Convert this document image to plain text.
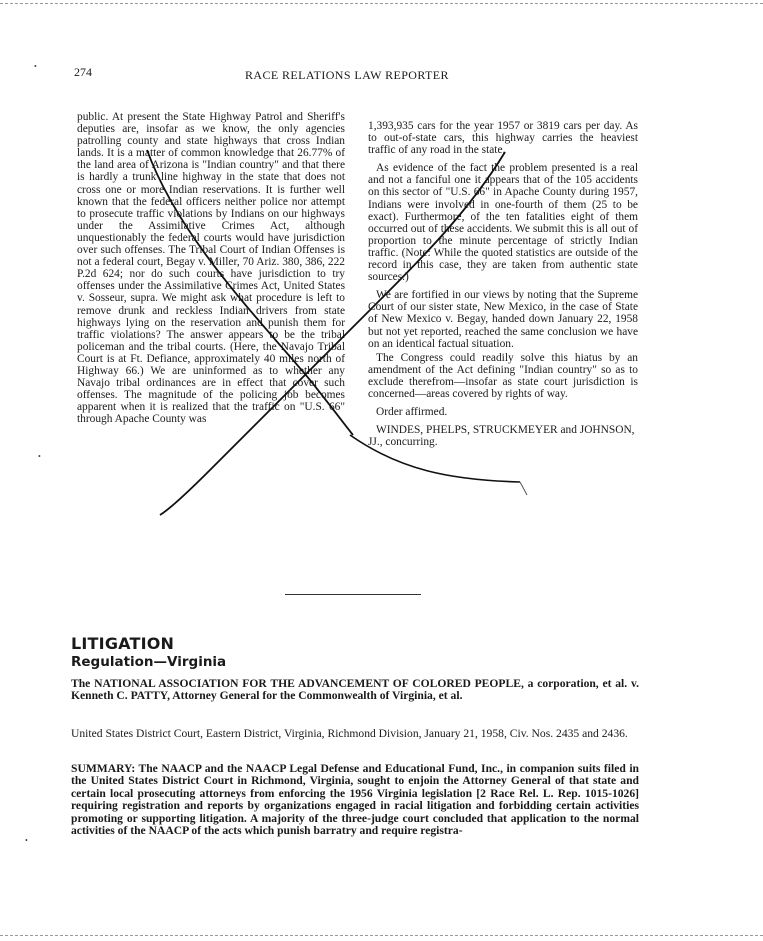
274	RACE RELATIONS LAW REPORTER

public. At present the State Highway Patrol and Sheriff's deputies are, insofar as we know, the only agencies patrolling county and state highways that cross Indian lands. It is a matter of common knowledge that 26.77% of the land area of Arizona is "Indian country" and that there is hardly a trunk line highway in the state that does not cross one or more Indian reservations. It is further well known that the federal officers neither police nor attempt to prosecute traffic violations by Indians on our highways under the Assimilative Crimes Act, although unquestionably the federal courts would have jurisdiction over such offenses. The Tribal Court of Indian Offenses is not a federal court, Begay v. Miller, 70 Ariz. 380, 386, 222 P.2d 624; nor do such courts have jurisdiction to try offenses under the Assimilative Crimes Act, United States v. Sosseur, supra. We might ask what procedure is left to remove drunk and reckless Indian drivers from state highways lying on the reservation and punish them for traffic violations? The answer appears to be the tribal policeman and the tribal courts. (Here, the Navajo Tribal Court is at Ft. Defiance, approximately 40 miles north of Highway 66.) We are uninformed as to whether any Navajo tribal ordinances are in effect that cover such offenses. The magnitude of the policing job becomes apparent when it is realized that the traffic on "U.S. 66" through Apache County was

1,393,935 cars for the year 1957 or 3819 cars per day. As to out-of-state cars, this highway carries the heaviest traffic of any road in the state.

As evidence of the fact the problem presented is a real and not a fanciful one it appears that of the 105 accidents on this sector of "U.S. 66" in Apache County during 1957, Indians were involved in one-fourth of them (25 to be exact). Furthermore, of the ten fatalities eight of them occurred out of these accidents. We submit this is all out of proportion to the minute percentage of strictly Indian traffic. (Note: While the quoted statistics are outside of the record in this case, they are taken from authentic state sources.)

We are fortified in our views by noting that the Supreme Court of our sister state, New Mexico, in the case of State of New Mexico v. Begay, handed down January 22, 1958 but not yet reported, reached the same conclusion we have on an identical factual situation.

The Congress could readily solve this hiatus by an amendment of the Act defining "Indian country" so as to exclude therefrom—insofar as state court jurisdiction is concerned—areas covered by rights of way.

Order affirmed.

WINDES, PHELPS, STRUCKMEYER and JOHNSON, JJ., concurring.

LITIGATION
Regulation—Virginia
The NATIONAL ASSOCIATION FOR THE ADVANCEMENT OF COLORED PEOPLE, a corporation, et al. v. Kenneth C. PATTY, Attorney General for the Commonwealth of Virginia, et al.
United States District Court, Eastern District, Virginia, Richmond Division, January 21, 1958, Civ. Nos. 2435 and 2436.
SUMMARY: The NAACP and the NAACP Legal Defense and Educational Fund, Inc., in companion suits filed in the United States District Court in Richmond, Virginia, sought to enjoin the Attorney General of that state and certain local prosecuting attorneys from enforcing the 1956 Virginia legislation [2 Race Rel. L. Rep. 1015-1026] requiring registration and reports by organizations engaged in racial litigation and forbidding certain activities promoting or supporting litigation. A majority of the three-judge court concluded that application to the normal activities of the NAACP of the acts which punish barratry and require registra-
•
•
•
